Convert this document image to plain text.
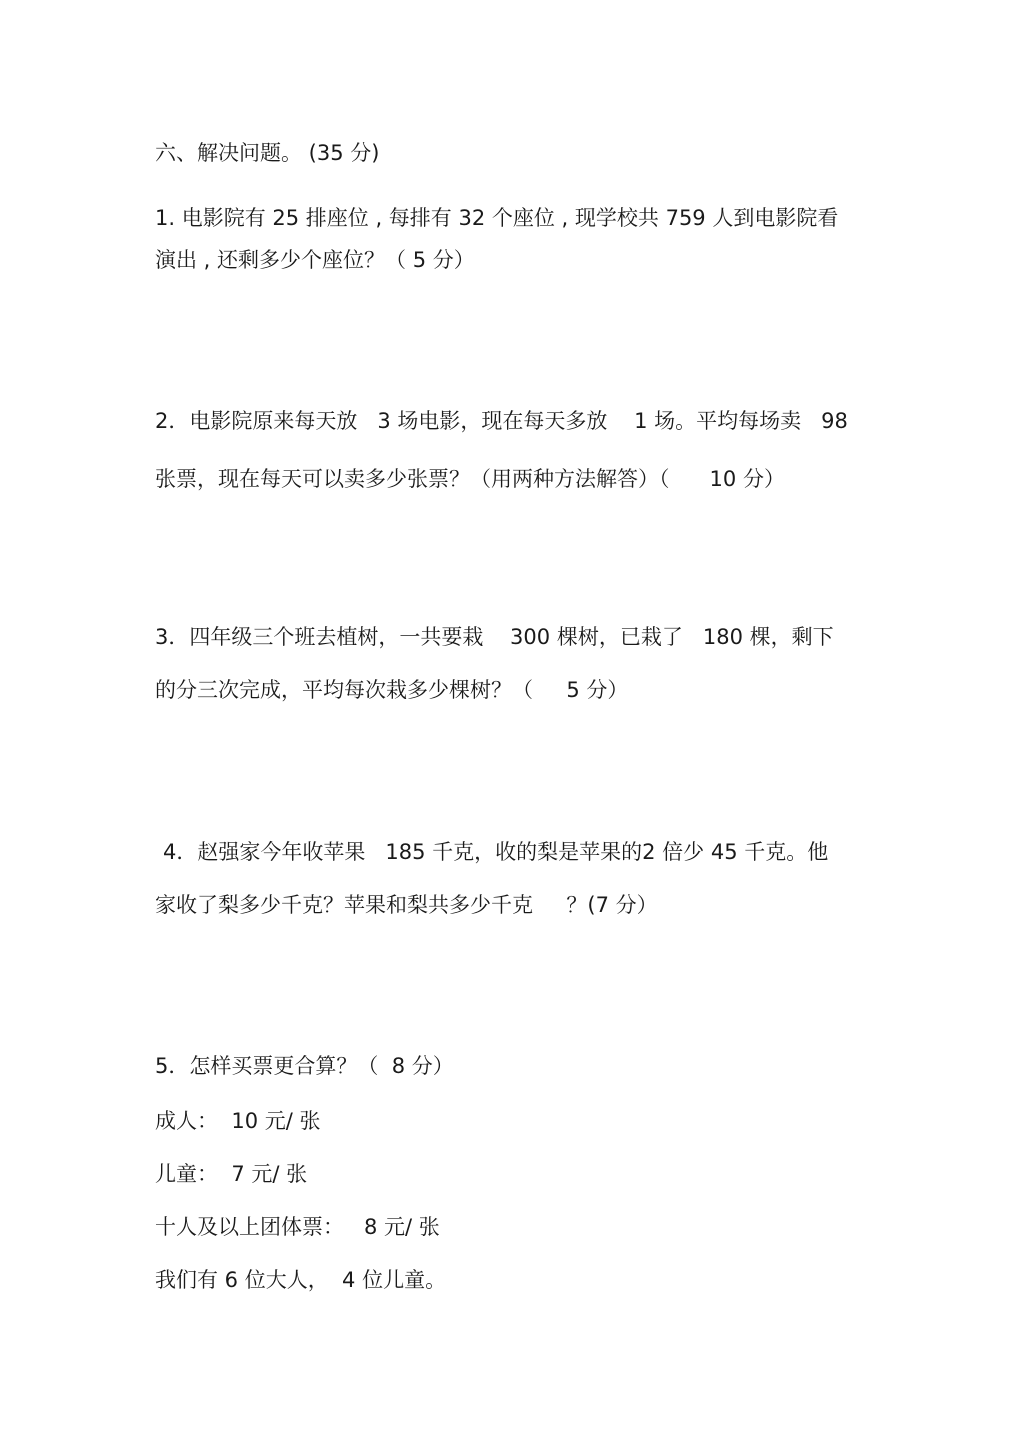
六、解决问题。 (35 分)

1. 电影院有 25 排座位 , 每排有 32 个座位 , 现学校共 759 人到电影院看

演出 , 还剩多少个座位？（ 5 分）

2．电影院原来每天放   3 场电影，现在每天多放    1 场。平均每场卖   98

张票，现在每天可以卖多少张票？（用两种方法解答）（      10 分）

3．四年级三个班去植树，一共要栽    300 棵树，已栽了   180 棵，剩下

的分三次完成，平均每次栽多少棵树？（     5 分）

4．赵强家今年收苹果   185 千克，收的梨是苹果的2 倍少 45 千克。他

家收了梨多少千克？苹果和梨共多少千克     ？(7 分）

5．怎样买票更合算？（  8 分）

成人：  10 元/ 张

儿童：  7 元/ 张

十人及以上团体票：   8 元/ 张

我们有 6 位大人，  4 位儿童。
